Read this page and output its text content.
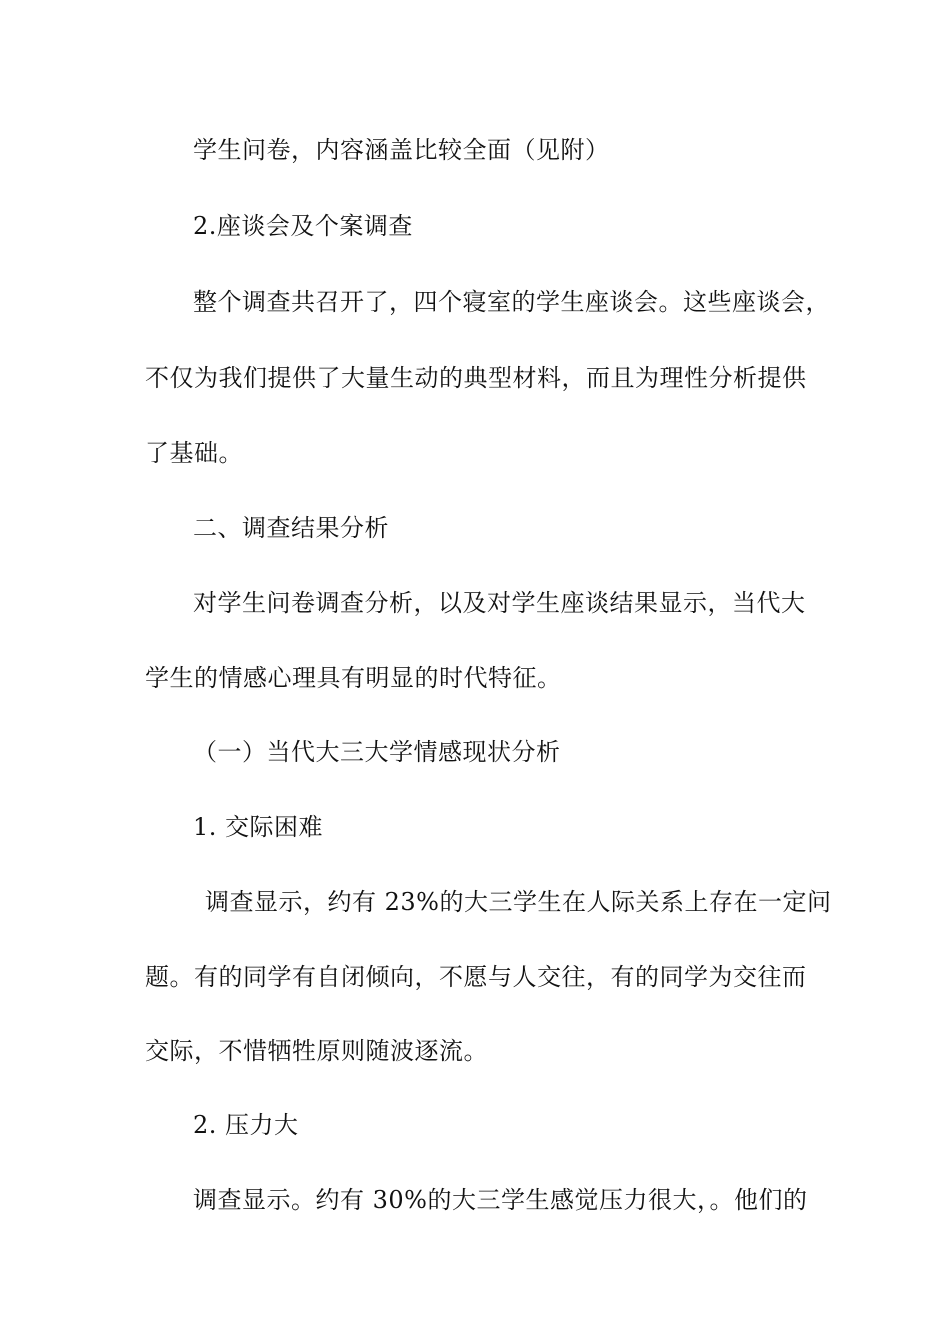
学生问卷，内容涵盖比较全面（见附）
2.座谈会及个案调查
整个调查共召开了，四个寝室的学生座谈会。这些座谈会，
不仅为我们提供了大量生动的典型材料，而且为理性分析提供
了基础。
二、调查结果分析
对学生问卷调查分析，以及对学生座谈结果显示，当代大
学生的情感心理具有明显的时代特征。
（一）当代大三大学情感现状分析
1. 交际困难
调查显示，约有 23%的大三学生在人际关系上存在一定问
题。有的同学有自闭倾向，不愿与人交往，有的同学为交往而
交际，不惜牺牲原则随波逐流。
2. 压力大
调查显示。约有 30%的大三学生感觉压力很大，。他们的
